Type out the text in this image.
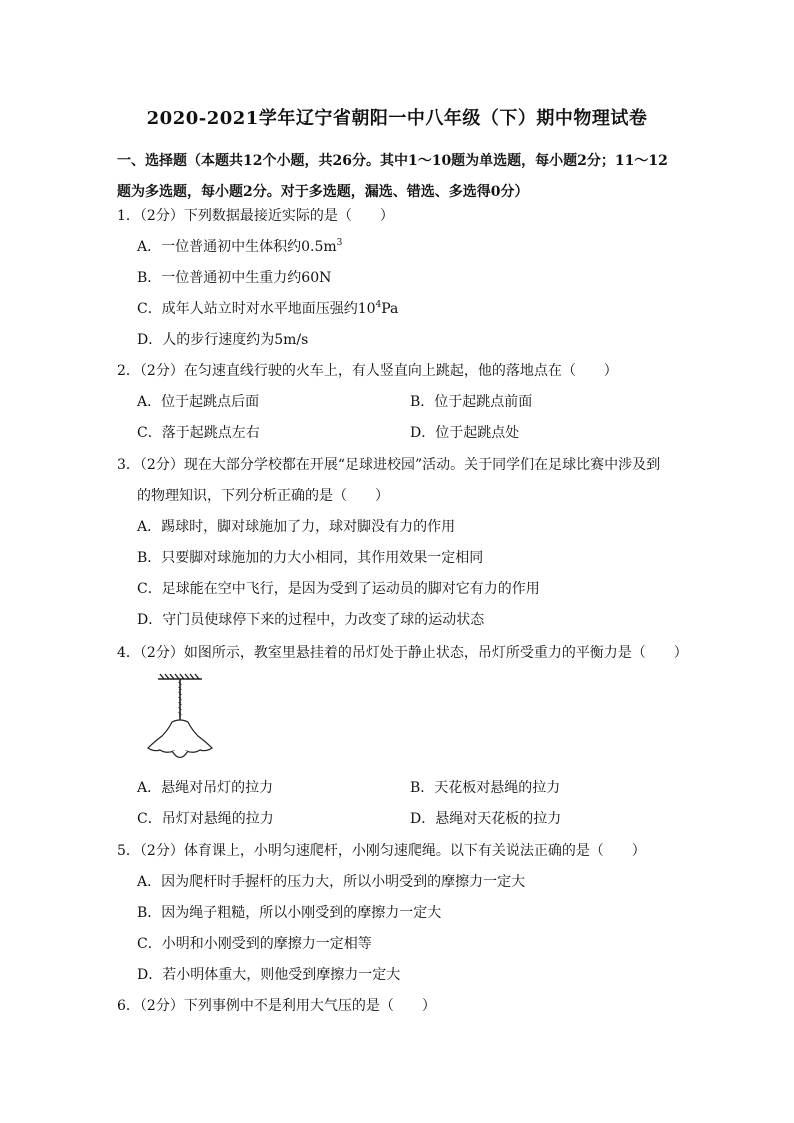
2020-2021学年辽宁省朝阳一中八年级（下）期中物理试卷

一、选择题（本题共12个小题，共26分。其中1～10题为单选题，每小题2分；11～12题为多选题，每小题2分。对于多选题，漏选、错选、多选得0分）

1．（2分）下列数据最接近实际的是（　　）
A．一位普通初中生体积约$0.5m^3$
B．一位普通初中生重力约60N
C．成年人站立时对水平地面压强约$10^4Pa$
D．人的步行速度约为5m/s
2．（2分）在匀速直线行驶的火车上，有人竖直向上跳起，他的落地点在（　　）
A．位于起跳点后面	B．位于起跳点前面
C．落于起跳点左右	D．位于起跳点处
3．（2分）现在大部分学校都在开展“足球进校园”活动。关于同学们在足球比赛中涉及到
的物理知识，下列分析正确的是（　　）
A．踢球时，脚对球施加了力，球对脚没有力的作用
B．只要脚对球施加的力大小相同，其作用效果一定相同
C．足球能在空中飞行，是因为受到了运动员的脚对它有力的作用
D．守门员使球停下来的过程中，力改变了球的运动状态
4．（2分）如图所示，教室里悬挂着的吊灯处于静止状态，吊灯所受重力的平衡力是（　　）
A．悬绳对吊灯的拉力	B．天花板对悬绳的拉力
C．吊灯对悬绳的拉力	D．悬绳对天花板的拉力
5．（2分）体育课上，小明匀速爬杆，小刚匀速爬绳。以下有关说法正确的是（　　）
A．因为爬杆时手握杆的压力大，所以小明受到的摩擦力一定大
B．因为绳子粗糙，所以小刚受到的摩擦力一定大
C．小明和小刚受到的摩擦力一定相等
D．若小明体重大，则他受到摩擦力一定大
6．（2分）下列事例中不是利用大气压的是（　　）
